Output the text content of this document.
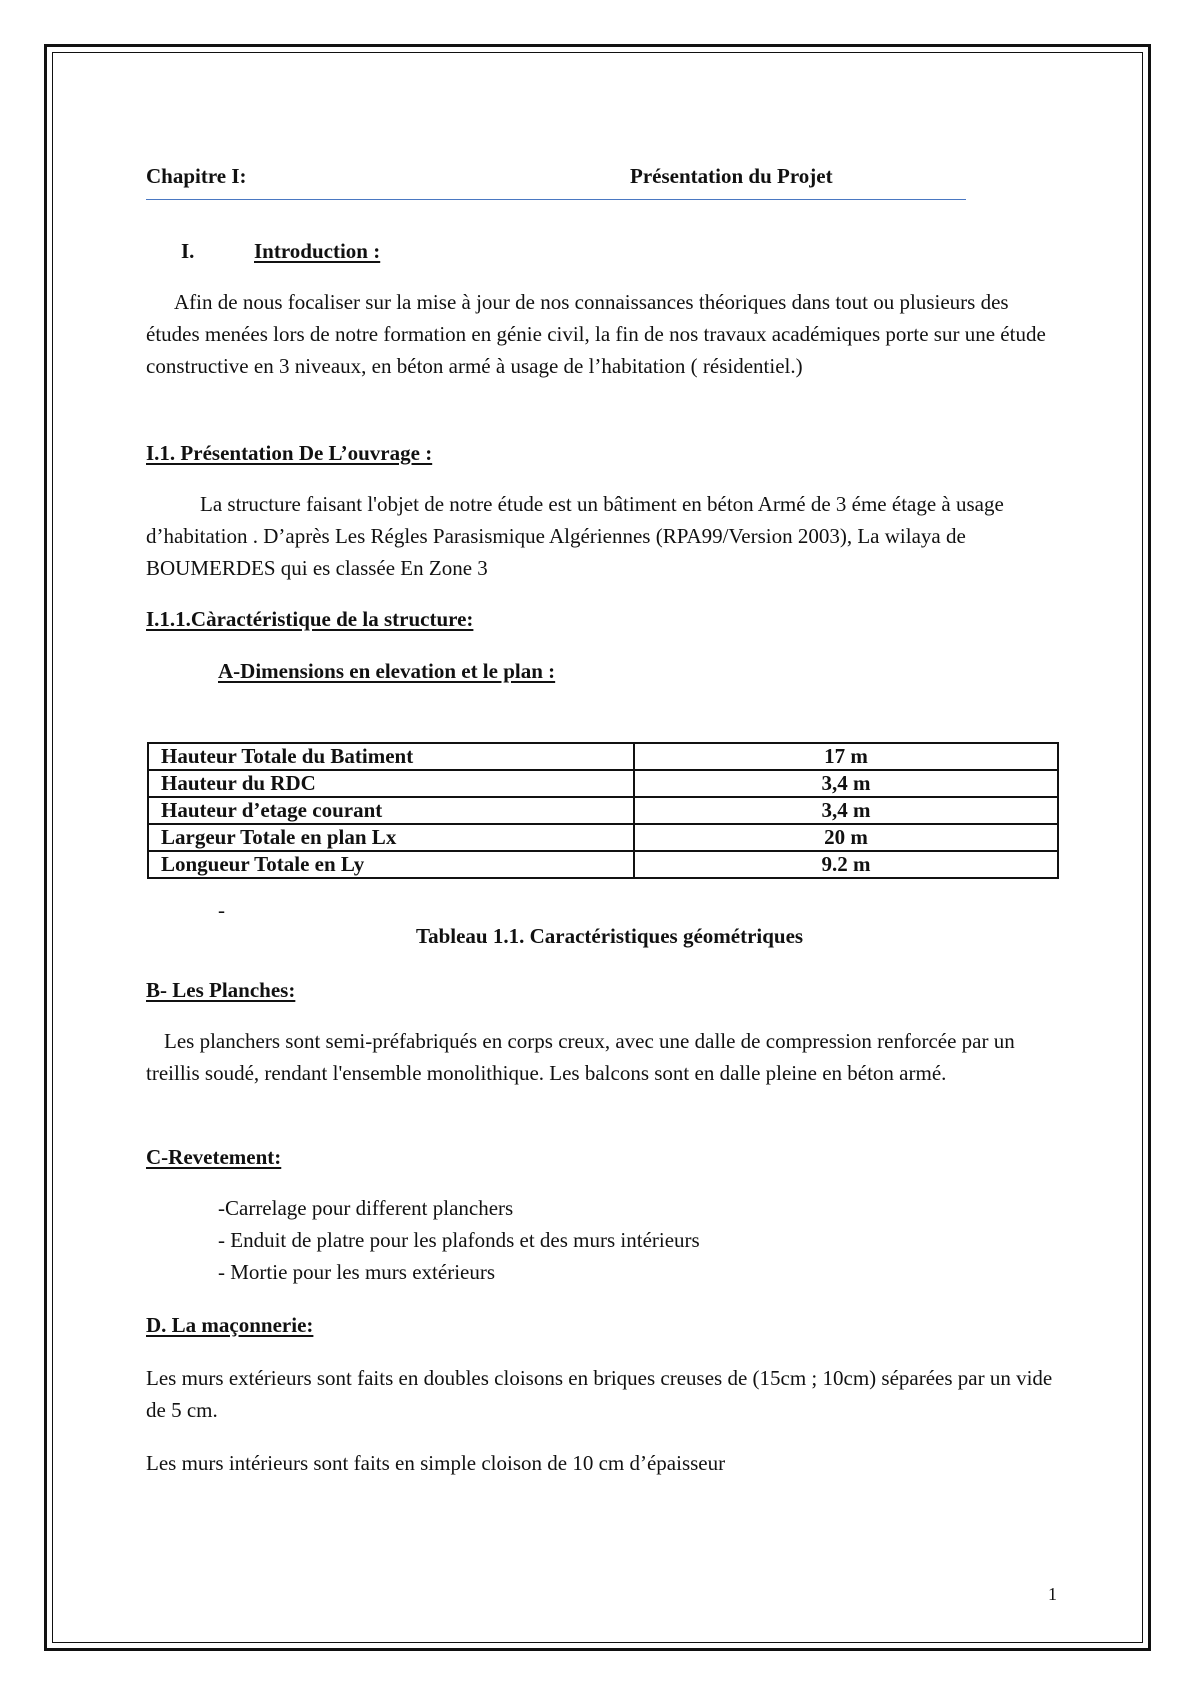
Chapitre I:	Présentation du Projet
I.	Introduction :

Afin de nous focaliser sur la mise à jour de nos connaissances théoriques dans tout ou plusieurs des études menées lors de notre formation en génie civil, la fin de nos travaux académiques porte sur une étude constructive en 3 niveaux, en béton armé à usage de l’habitation ( résidentiel.)

I.1. Présentation De L’ouvrage :

La structure faisant l'objet de notre étude est un bâtiment en béton Armé de 3 éme étage à usage d’habitation . D’après Les Régles Parasismique Algériennes (RPA99/Version 2003), La wilaya de BOUMERDES qui es classée En Zone 3

I.1.1.Càractéristique de la structure:
A-Dimensions en elevation et le plan :
Hauteur Totale du Batiment	17 m
Hauteur du RDC	3,4 m
Hauteur d’etage courant	3,4 m
Largeur Totale en plan Lx	20 m
Longueur Totale en Ly	9.2 m
-
Tableau 1.1. Caractéristiques géométriques
B- Les Planches:

Les planchers sont semi-préfabriqués en corps creux, avec une dalle de compression renforcée par un treillis soudé, rendant l'ensemble monolithique. Les balcons sont en dalle pleine en béton armé.

C-Revetement:
-Carrelage pour different planchers
- Enduit de platre pour les plafonds et des murs intérieurs
- Mortie pour les murs extérieurs
D. La maçonnerie:

Les murs extérieurs sont faits en doubles cloisons en briques creuses de (15cm ; 10cm) séparées par un vide de 5 cm.

Les murs intérieurs sont faits en simple cloison de 10 cm d’épaisseur

1
